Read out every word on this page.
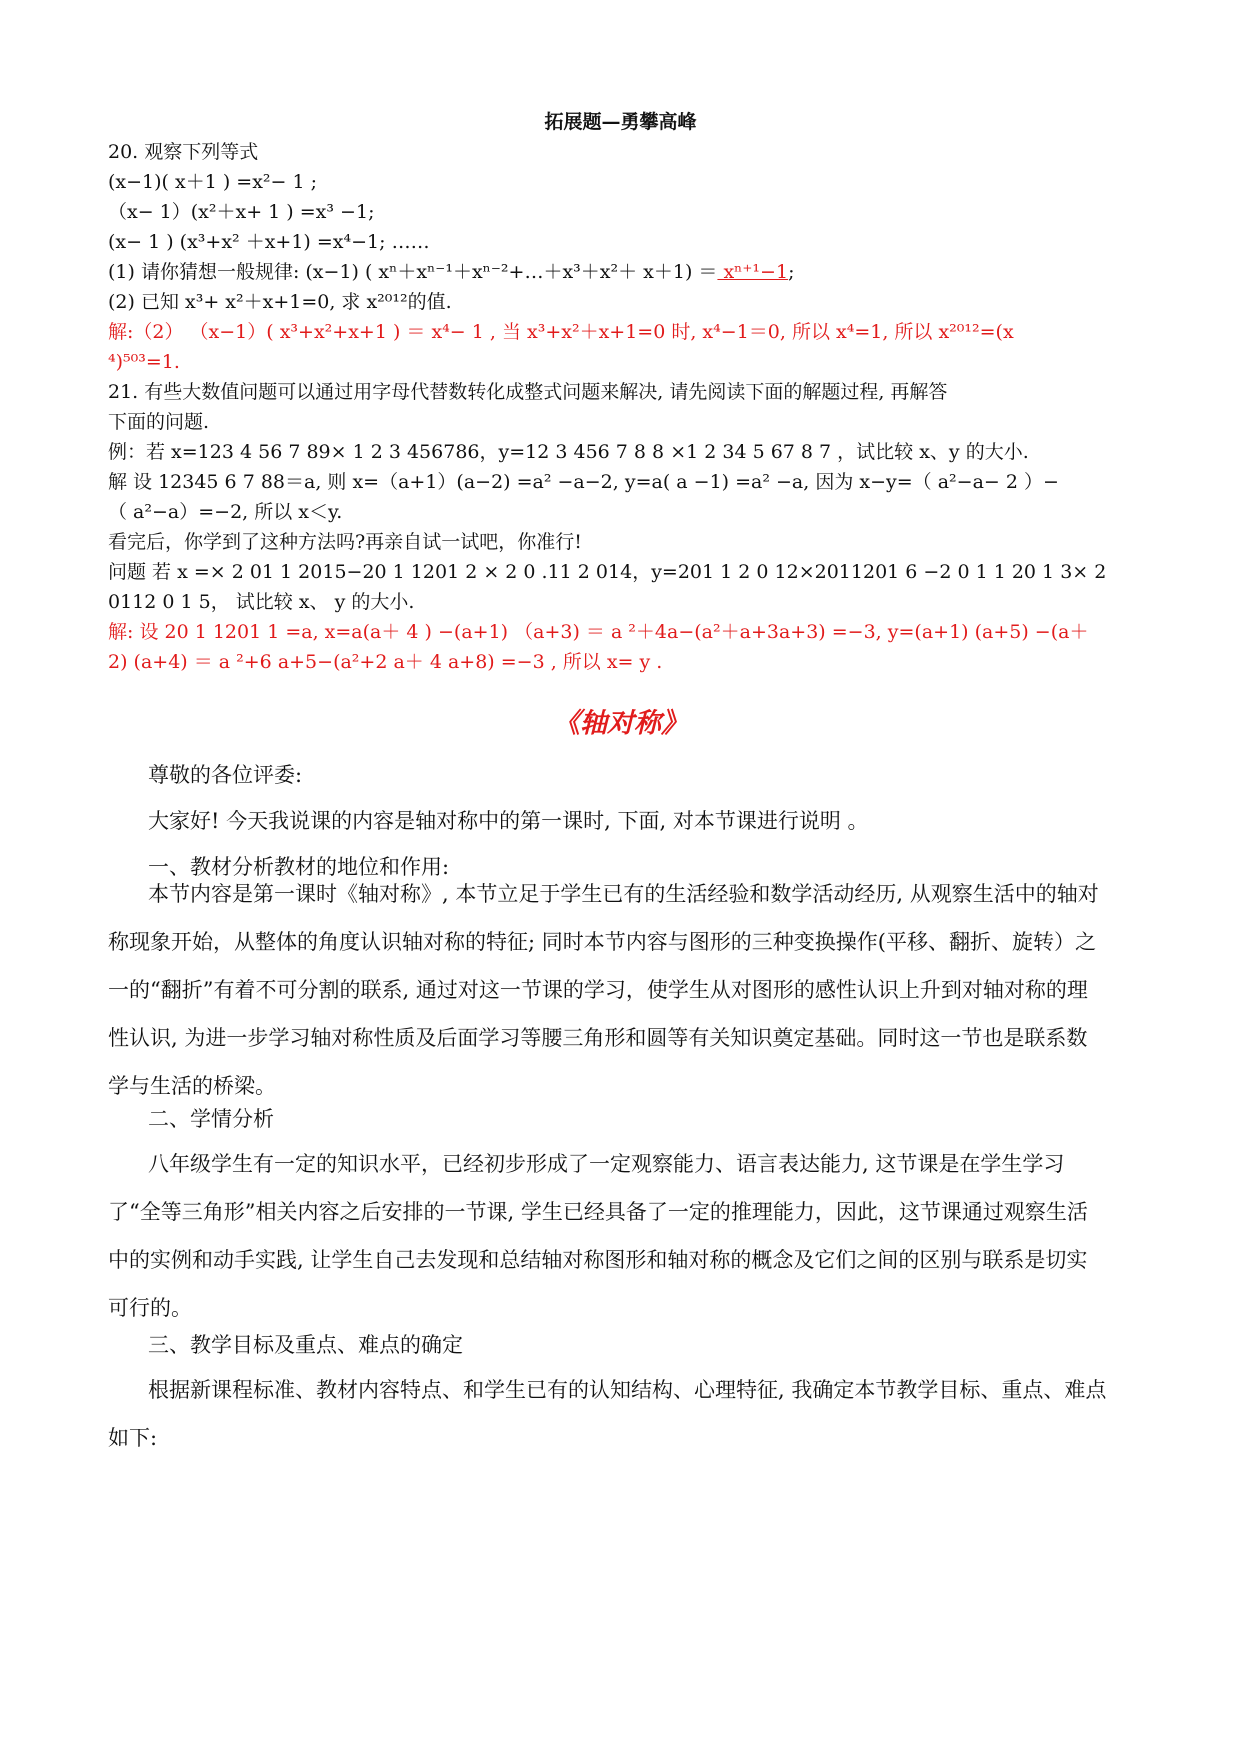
拓展题—勇攀高峰
20. 观察下列等式
(x−1)( x＋1 ) =x²− 1 ;
（x− 1）(x²＋x+ 1 ) =x³ −1;
(x− 1 ) (x³+x² ＋x+1) =x⁴−1; ……
(1) 请你猜想一般规律: (x−1) ( xⁿ＋xⁿ⁻¹＋xⁿ⁻²+…＋x³＋x²＋ x＋1) ＝ xⁿ⁺¹−1;
(2) 已知 x³+ x²＋x+1=0, 求 x²⁰¹²的值.
解:（2） （x−1）( x³+x²+x+1 ) ＝ x⁴− 1 , 当 x³+x²＋x+1=0 时, x⁴−1＝0, 所以 x⁴=1, 所以 x²⁰¹²=(x
⁴)⁵⁰³=1.
21. 有些大数值问题可以通过用字母代替数转化成整式问题来解决, 请先阅读下面的解题过程, 再解答
下面的问题.
例：若 x=123 4 56 7 89× 1 2 3 456786，y=12 3 456 7 8 8 ×1 2 34 5 67 8 7 ，试比较 x、y 的大小.
解 设 12345 6 7 88＝a, 则 x=（a+1）(a−2) =a² −a−2, y=a( a −1) =a² −a, 因为 x−y=（ a²−a− 2 ）−
（ a²−a）=−2, 所以 x＜y.
看完后，你学到了这种方法吗?再亲自试一试吧，你准行!
问题 若 x =× 2 01 1 2015−20 1 1201 2 × 2 0 .11 2 014，y=201 1 2 0 12×2011201 6 −2 0 1 1 20 1 3× 2
0112 0 1 5， 试比较 x、 y 的大小.
解: 设 20 1 1201 1 =a, x=a(a＋ 4 ) −(a+1) （a+3) ＝ a ²＋4a−(a²＋a+3a+3) =−3, y=(a+1) (a+5) −(a＋
2) (a+4) ＝ a ²+6 a+5−(a²+2 a＋ 4 a+8) =−3 , 所以 x= y .
《轴对称》
尊敬的各位评委:
大家好! 今天我说课的内容是轴对称中的第一课时, 下面, 对本节课进行说明 。
一、教材分析教材的地位和作用:
本节内容是第一课时《轴对称》, 本节立足于学生已有的生活经验和数学活动经历, 从观察生活中的轴对称现象开始，从整体的角度认识轴对称的特征; 同时本节内容与图形的三种变换操作(平移、翻折、旋转）之一的“翻折”有着不可分割的联系, 通过对这一节课的学习，使学生从对图形的感性认识上升到对轴对称的理性认识, 为进一步学习轴对称性质及后面学习等腰三角形和圆等有关知识奠定基础。同时这一节也是联系数学与生活的桥梁。
二、学情分析
八年级学生有一定的知识水平，已经初步形成了一定观察能力、语言表达能力, 这节课是在学生学习了“全等三角形”相关内容之后安排的一节课, 学生已经具备了一定的推理能力，因此，这节课通过观察生活中的实例和动手实践, 让学生自己去发现和总结轴对称图形和轴对称的概念及它们之间的区别与联系是切实可行的。
三、教学目标及重点、难点的确定
根据新课程标准、教材内容特点、和学生已有的认知结构、心理特征, 我确定本节教学目标、重点、难点如下:
